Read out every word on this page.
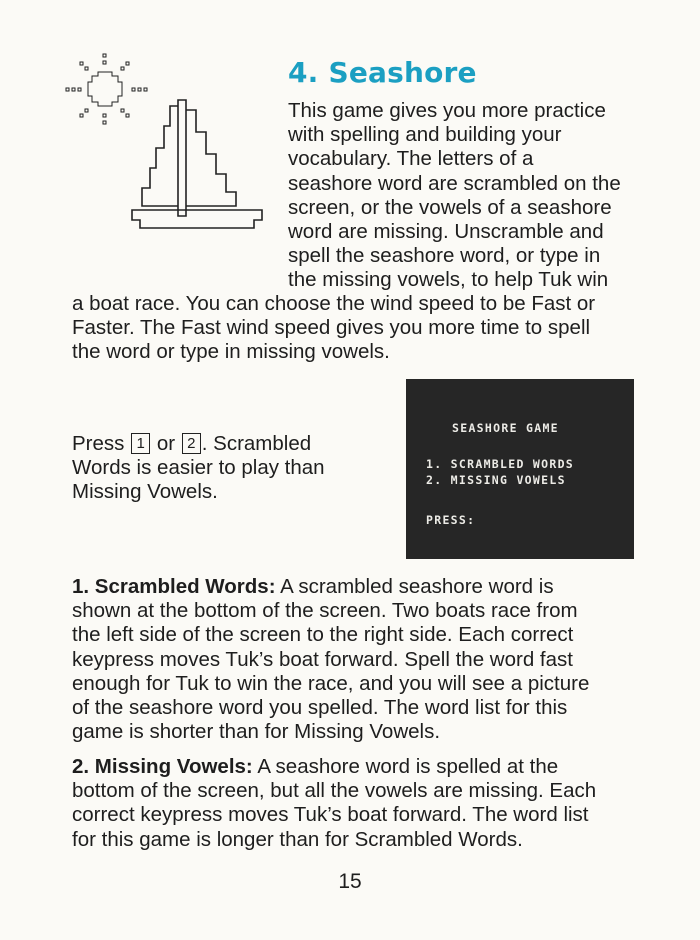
4. Seashore
This game gives you more practice
with spelling and building your
vocabulary. The letters of a
seashore word are scrambled on the
screen, or the vowels of a seashore
word are missing. Unscramble and
spell the seashore word, or type in
the missing vowels, to help Tuk win
a boat race. You can choose the wind speed to be Fast or
Faster. The Fast wind speed gives you more time to spell
the word or type in missing vowels.
Press 1 or 2 . Scrambled
Words is easier to play than
Missing Vowels.
SEASHORE GAME
1. SCRAMBLED WORDS
2. MISSING VOWELS
PRESS:
1. Scrambled Words: A scrambled seashore word is
shown at the bottom of the screen. Two boats race from
the left side of the screen to the right side. Each correct
keypress moves Tuk’s boat forward. Spell the word fast
enough for Tuk to win the race, and you will see a picture
of the seashore word you spelled. The word list for this
game is shorter than for Missing Vowels.
2. Missing Vowels: A seashore word is spelled at the
bottom of the screen, but all the vowels are missing. Each
correct keypress moves Tuk’s boat forward. The word list
for this game is longer than for Scrambled Words.
15
